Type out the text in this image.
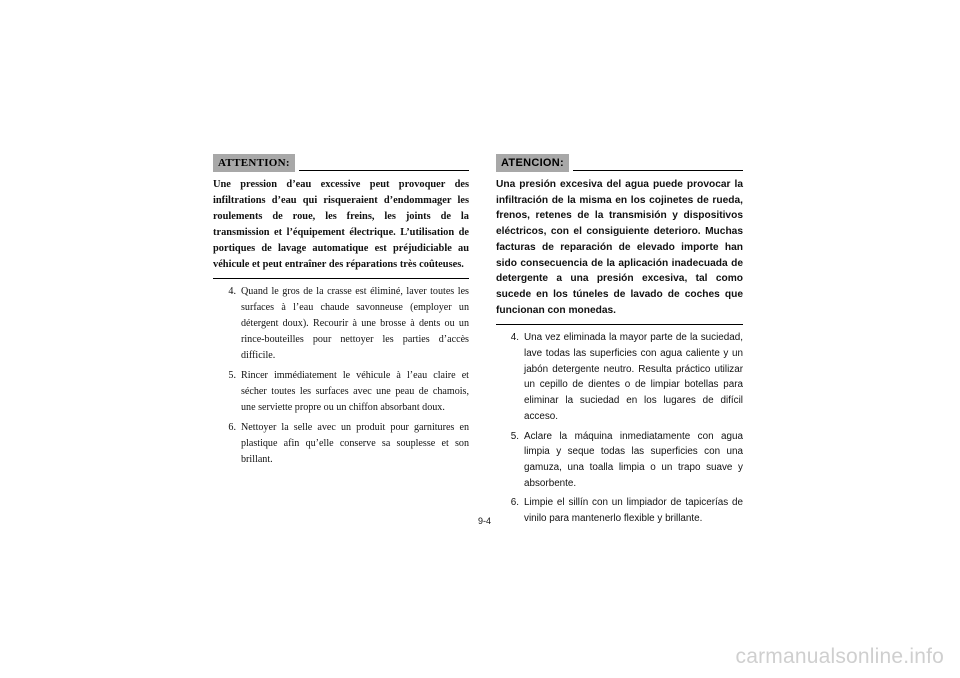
ATTENTION:

Une pression d’eau excessive peut provoquer des infiltrations d’eau qui risqueraient d’endommager les roulements de roue, les freins, les joints de la transmission et l’équipement électrique. L’utilisation de portiques de lavage automatique est préjudiciable au véhicule et peut entraîner des réparations très coûteuses.

4. Quand le gros de la crasse est éliminé, laver toutes les surfaces à l’eau chaude savonneuse (employer un détergent doux). Recourir à une brosse à dents ou un rince-bouteilles pour nettoyer les parties d’accès difficile.
5. Rincer immédiatement le véhicule à l’eau claire et sécher toutes les surfaces avec une peau de chamois, une serviette propre ou un chiffon absorbant doux.
6. Nettoyer la selle avec un produit pour garnitures en plastique afin qu’elle conserve sa souplesse et son brillant.
ATENCION:

Una presión excesiva del agua puede provocar la infiltración de la misma en los cojinetes de rueda, frenos, retenes de la transmisión y dispositivos eléctricos, con el consiguiente deterioro. Muchas facturas de reparación de elevado importe han sido consecuencia de la aplicación inadecuada de detergente a una presión excesiva, tal como sucede en los túneles de lavado de coches que funcionan con monedas.

4. Una vez eliminada la mayor parte de la suciedad, lave todas las superficies con agua caliente y un jabón detergente neutro. Resulta práctico utilizar un cepillo de dientes o de limpiar botellas para eliminar la suciedad en los lugares de difícil acceso.
5. Aclare la máquina inmediatamente con agua limpia y seque todas las superficies con una gamuza, una toalla limpia o un trapo suave y absorbente.
6. Limpie el sillín con un limpiador de tapicerías de vinilo para mantenerlo flexible y brillante.
9-4
carmanualsonline.info
